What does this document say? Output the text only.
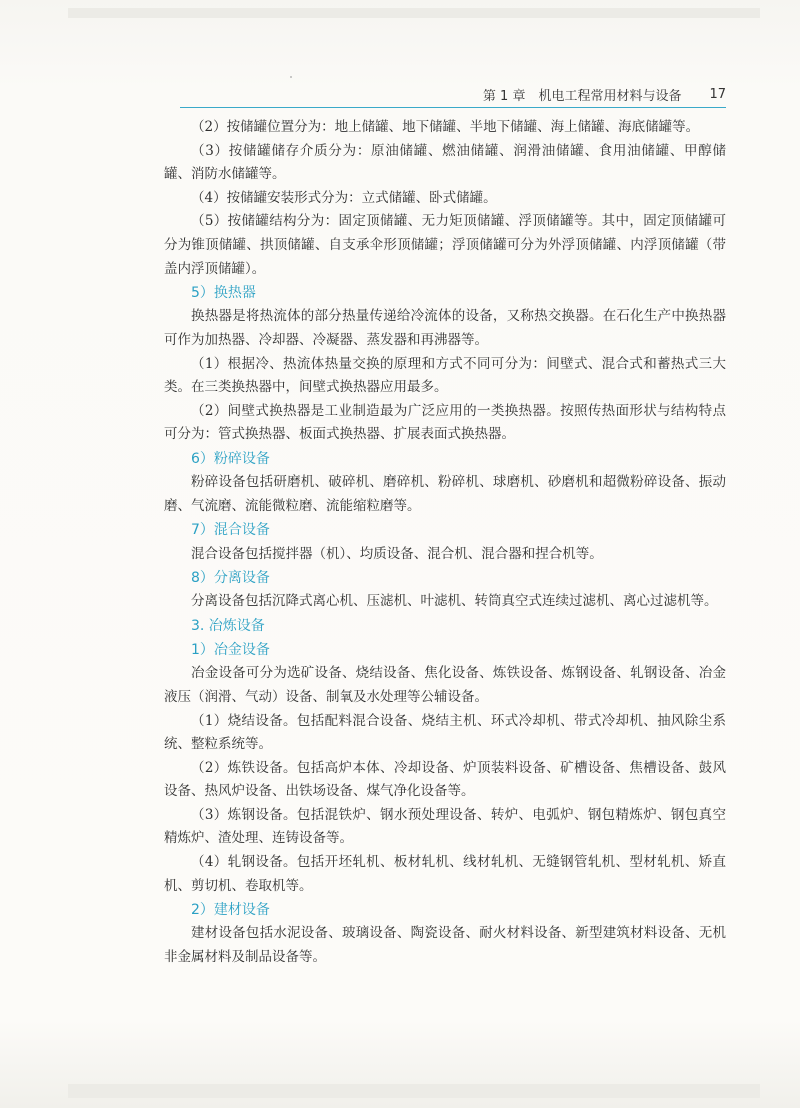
第 1 章　机电工程常用材料与设备 17

（2）按储罐位置分为：地上储罐、地下储罐、半地下储罐、海上储罐、海底储罐等。

（3）按储罐储存介质分为：原油储罐、燃油储罐、润滑油储罐、食用油储罐、甲醇储罐、消防水储罐等。

（4）按储罐安装形式分为：立式储罐、卧式储罐。

（5）按储罐结构分为：固定顶储罐、无力矩顶储罐、浮顶储罐等。其中，固定顶储罐可分为锥顶储罐、拱顶储罐、自支承伞形顶储罐；浮顶储罐可分为外浮顶储罐、内浮顶储罐（带盖内浮顶储罐）。

5）换热器

换热器是将热流体的部分热量传递给冷流体的设备，又称热交换器。在石化生产中换热器可作为加热器、冷却器、冷凝器、蒸发器和再沸器等。

（1）根据冷、热流体热量交换的原理和方式不同可分为：间壁式、混合式和蓄热式三大类。在三类换热器中，间壁式换热器应用最多。

（2）间壁式换热器是工业制造最为广泛应用的一类换热器。按照传热面形状与结构特点可分为：管式换热器、板面式换热器、扩展表面式换热器。

6）粉碎设备

粉碎设备包括研磨机、破碎机、磨碎机、粉碎机、球磨机、砂磨机和超微粉碎设备、振动磨、气流磨、流能微粒磨、流能缩粒磨等。

7）混合设备

混合设备包括搅拌器（机）、均质设备、混合机、混合器和捏合机等。

8）分离设备

分离设备包括沉降式离心机、压滤机、叶滤机、转筒真空式连续过滤机、离心过滤机等。

3. 冶炼设备
1）冶金设备

冶金设备可分为选矿设备、烧结设备、焦化设备、炼铁设备、炼钢设备、轧钢设备、冶金液压（润滑、气动）设备、制氧及水处理等公辅设备。

（1）烧结设备。包括配料混合设备、烧结主机、环式冷却机、带式冷却机、抽风除尘系统、整粒系统等。

（2）炼铁设备。包括高炉本体、冷却设备、炉顶装料设备、矿槽设备、焦槽设备、鼓风设备、热风炉设备、出铁场设备、煤气净化设备等。

（3）炼钢设备。包括混铁炉、钢水预处理设备、转炉、电弧炉、钢包精炼炉、钢包真空精炼炉、渣处理、连铸设备等。

（4）轧钢设备。包括开坯轧机、板材轧机、线材轧机、无缝钢管轧机、型材轧机、矫直机、剪切机、卷取机等。

2）建材设备

建材设备包括水泥设备、玻璃设备、陶瓷设备、耐火材料设备、新型建筑材料设备、无机非金属材料及制品设备等。
